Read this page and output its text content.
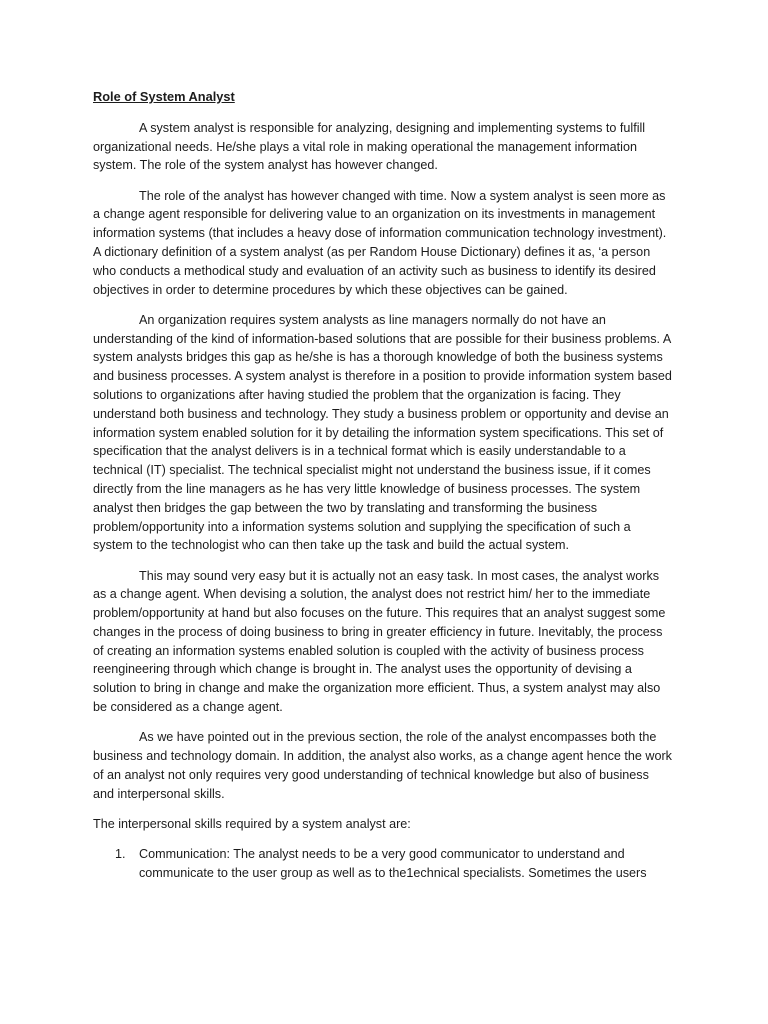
Role of System Analyst

A system analyst is responsible for analyzing, designing and implementing systems to fulfill organizational needs. He/she plays a vital role in making operational the management information system. The role of the system analyst has however changed.

The role of the analyst has however changed with time. Now a system analyst is seen more as a change agent responsible for delivering value to an organization on its investments in management information systems (that includes a heavy dose of information communication technology investment). A dictionary definition of a system analyst (as per Random House Dictionary) defines it as, ‘a person who conducts a methodical study and evaluation of an activity such as business to identify its desired objectives in order to determine procedures by which these objectives can be gained.

An organization requires system analysts as line managers normally do not have an understanding of the kind of information-based solutions that are possible for their business problems. A system analysts bridges this gap as he/she is has a thorough knowledge of both the business systems and business processes. A system analyst is therefore in a position to provide information system based solutions to organizations after having studied the problem that the organization is facing. They understand both business and technology. They study a business problem or opportunity and devise an information system enabled solution for it by detailing the information system specifications. This set of specification that the analyst delivers is in a technical format which is easily understandable to a technical (IT) specialist. The technical specialist might not understand the business issue, if it comes directly from the line managers as he has very little knowledge of business processes. The system analyst then bridges the gap between the two by translating and transforming the business problem/opportunity into a information systems solution and supplying the specification of such a system to the technologist who can then take up the task and build the actual system.

This may sound very easy but it is actually not an easy task. In most cases, the analyst works as a change agent. When devising a solution, the analyst does not restrict him/ her to the immediate problem/opportunity at hand but also focuses on the future. This requires that an analyst suggest some changes in the process of doing business to bring in greater efficiency in future. Inevitably, the process of creating an information systems enabled solution is coupled with the activity of business process reengineering through which change is brought in. The analyst uses the opportunity of devising a solution to bring in change and make the organization more efficient. Thus, a system analyst may also be considered as a change agent.

As we have pointed out in the previous section, the role of the analyst encompasses both the business and technology domain. In addition, the analyst also works, as a change agent hence the work of an analyst not only requires very good understanding of technical knowledge but also of business and interpersonal skills.

The interpersonal skills required by a system analyst are:

1. Communication: The analyst needs to be a very good communicator to understand and communicate to the user group as well as to the1echnical specialists. Sometimes the users
